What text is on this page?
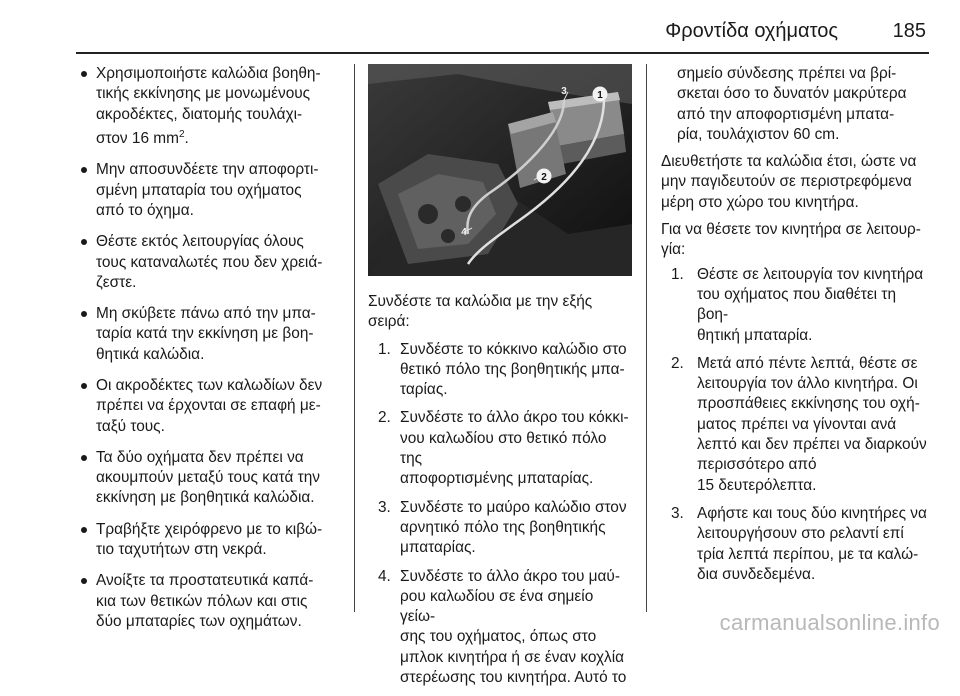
Φροντίδα οχήματος	185
Χρησιμοποιήστε καλώδια βοηθη-
τικής εκκίνησης με μονωμένους
ακροδέκτες, διατομής τουλάχι-
στον 16 $mm^2$.
Μην αποσυνδέετε την αποφορτι-
σμένη μπαταρία του οχήματος
από το όχημα.
Θέστε εκτός λειτουργίας όλους
τους καταναλωτές που δεν χρειά-
ζεστε.
Μη σκύβετε πάνω από την μπα-
ταρία κατά την εκκίνηση με βοη-
θητικά καλώδια.
Οι ακροδέκτες των καλωδίων δεν
πρέπει να έρχονται σε επαφή με-
ταξύ τους.
Τα δύο οχήματα δεν πρέπει να
ακουμπούν μεταξύ τους κατά την
εκκίνηση με βοηθητικά καλώδια.
Τραβήξτε χειρόφρενο με το κιβώ-
τιο ταχυτήτων στη νεκρά.
Ανοίξτε τα προστατευτικά καπά-
κια των θετικών πόλων και στις
δύο μπαταρίες των οχημάτων.
1
3
2
4

Συνδέστε τα καλώδια με την εξής
σειρά:

1. Συνδέστε το κόκκινο καλώδιο στο
θετικό πόλο της βοηθητικής μπα-
ταρίας.
2. Συνδέστε το άλλο άκρο του κόκκι-
νου καλωδίου στο θετικό πόλο της
αποφορτισμένης μπαταρίας.
3. Συνδέστε το μαύρο καλώδιο στον
αρνητικό πόλο της βοηθητικής
μπαταρίας.
4. Συνδέστε το άλλο άκρο του μαύ-
ρου καλωδίου σε ένα σημείο γείω-
σης του οχήματος, όπως στο
μπλοκ κινητήρα ή σε έναν κοχλία
στερέωσης του κινητήρα. Αυτό το

σημείο σύνδεσης πρέπει να βρί-
σκεται όσο το δυνατόν μακρύτερα
από την αποφορτισμένη μπατα-
ρία, τουλάχιστον 60 cm.

Διευθετήστε τα καλώδια έτσι, ώστε να
μην παγιδευτούν σε περιστρεφόμενα
μέρη στο χώρο του κινητήρα.

Για να θέσετε τον κινητήρα σε λειτουρ-
γία:

1. Θέστε σε λειτουργία τον κινητήρα
του οχήματος που διαθέτει τη βοη-
θητική μπαταρία.
2. Μετά από πέντε λεπτά, θέστε σε
λειτουργία τον άλλο κινητήρα. Οι
προσπάθειες εκκίνησης του οχή-
ματος πρέπει να γίνονται ανά
λεπτό και δεν πρέπει να διαρκούν
περισσότερο από
15 δευτερόλεπτα.
3. Αφήστε και τους δύο κινητήρες να
λειτουργήσουν στο ρελαντί επί
τρία λεπτά περίπου, με τα καλώ-
δια συνδεδεμένα.
carmanualsonline.info
